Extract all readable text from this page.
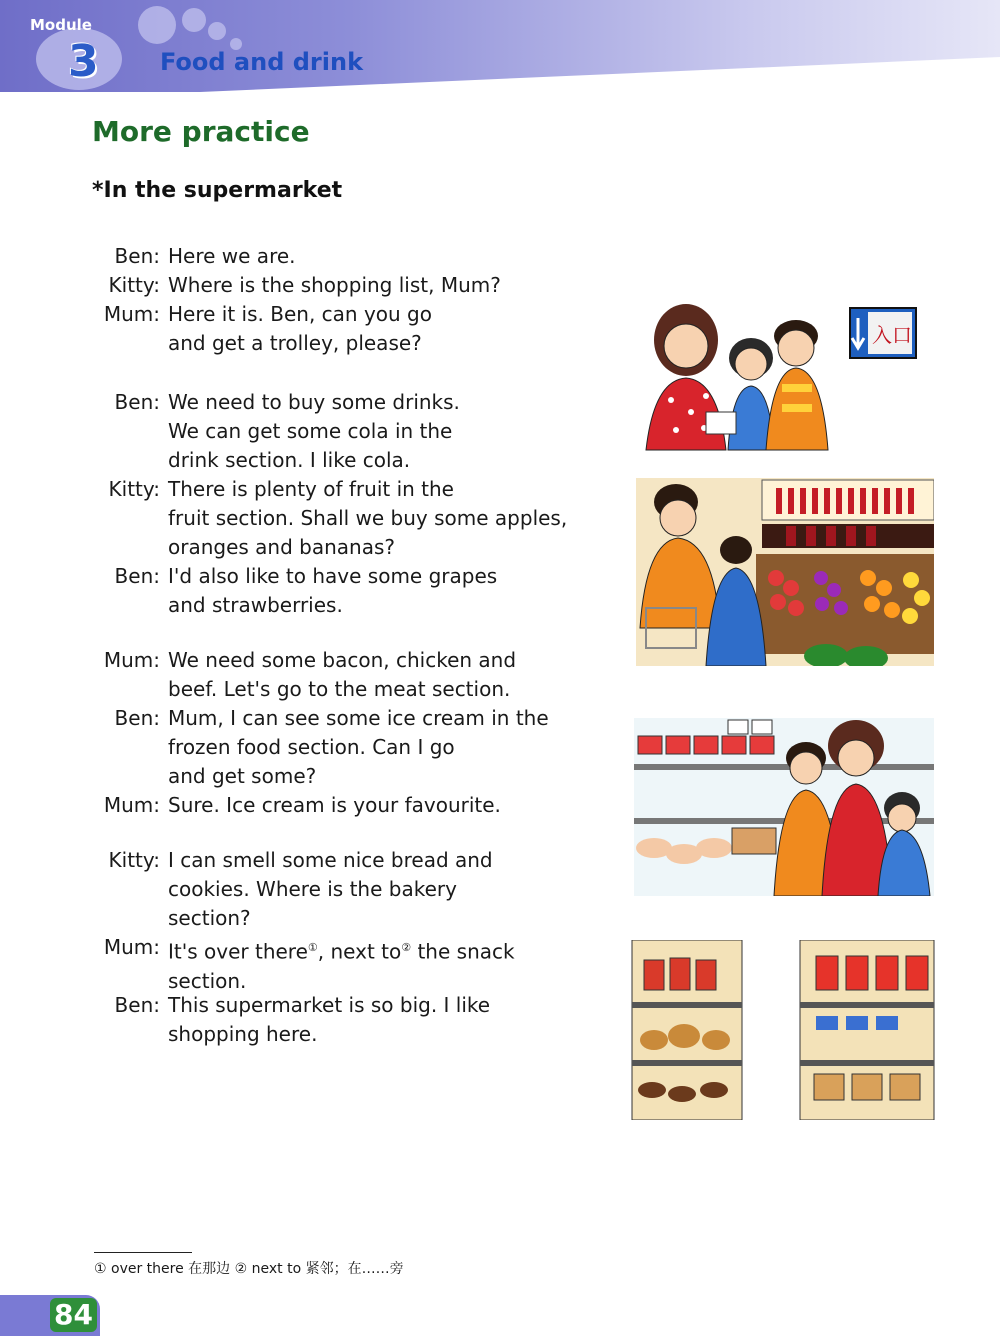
Module
3	Food and drink
More practice
*In the supermarket
Ben: Here we are.
Kitty: Where is the shopping list, Mum?
Mum: Here it is. Ben, can you go
and get a trolley, please?
Ben: We need to buy some drinks.
We can get some cola in the
drink section. I like cola.
Kitty: There is plenty of fruit in the
fruit section. Shall we buy some apples,
oranges and bananas?
Ben: I'd also like to have some grapes
and strawberries.
Mum: We need some bacon, chicken and
beef. Let's go to the meat section.
Ben: Mum, I can see some ice cream in the
frozen food section. Can I go
and get some?
Mum: Sure. Ice cream is your favourite.
Kitty: I can smell some nice bread and
cookies. Where is the bakery
section?
Mum: It's over there①, next to② the snack
section.
Ben: This supermarket is so big. I like
shopping here.
入口
① over there 在那边 ② next to 紧邻；在……旁
84
